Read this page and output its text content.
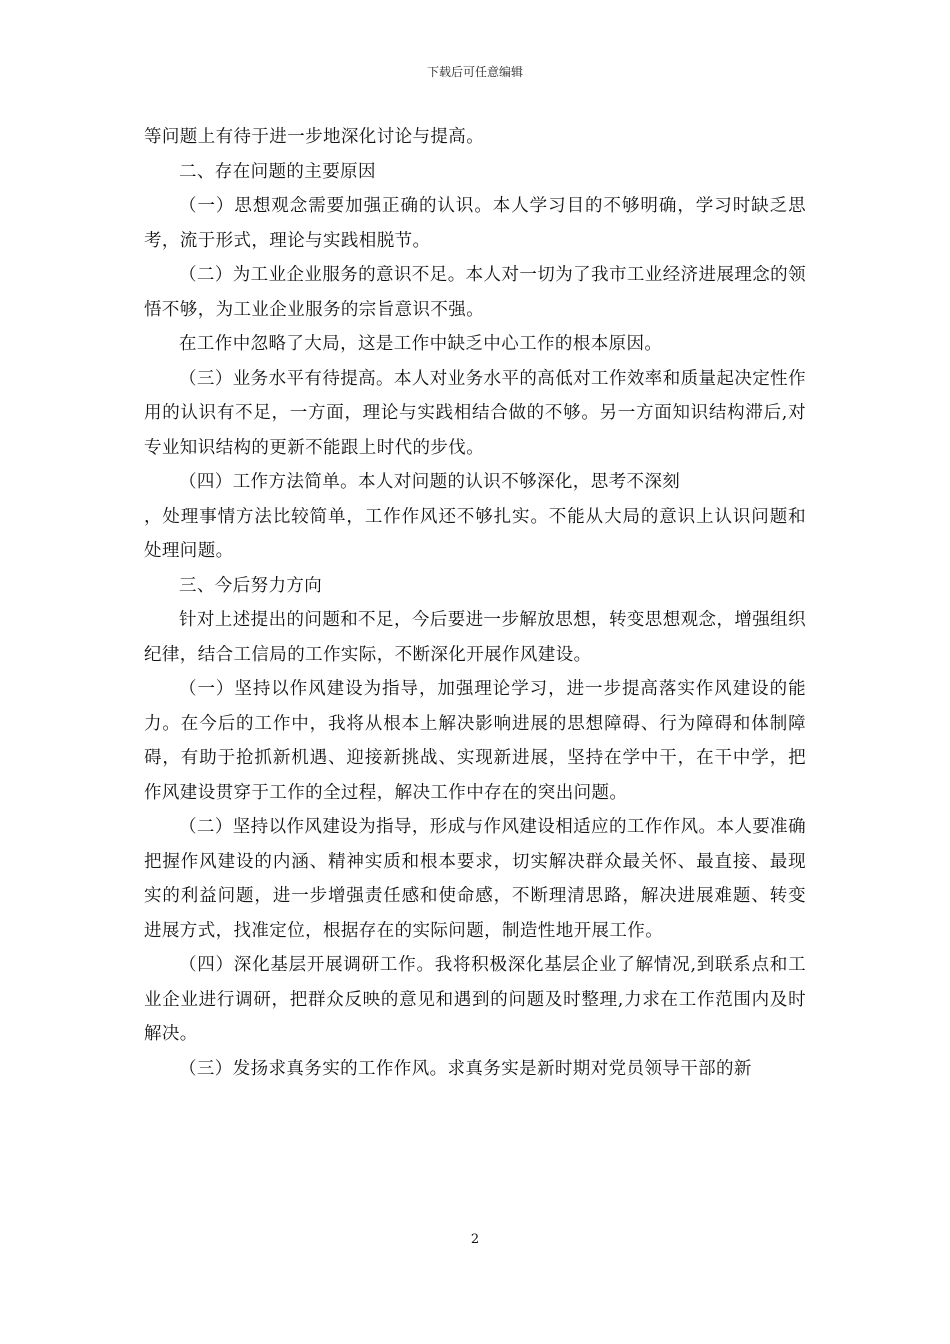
下载后可任意编辑

等问题上有待于进一步地深化讨论与提高。

二、存在问题的主要原因

（一）思想观念需要加强正确的认识。本人学习目的不够明确，学习时缺乏思考，流于形式，理论与实践相脱节。

（二）为工业企业服务的意识不足。本人对一切为了我市工业经济进展理念的领悟不够，为工业企业服务的宗旨意识不强。

在工作中忽略了大局，这是工作中缺乏中心工作的根本原因。

（三）业务水平有待提高。本人对业务水平的高低对工作效率和质量起决定性作用的认识有不足，一方面，理论与实践相结合做的不够。另一方面知识结构滞后,对专业知识结构的更新不能跟上时代的步伐。

（四）工作方法简单。本人对问题的认识不够深化，思考不深刻

，处理事情方法比较简单，工作作风还不够扎实。不能从大局的意识上认识问题和处理问题。

三、今后努力方向

针对上述提出的问题和不足，今后要进一步解放思想，转变思想观念，增强组织纪律，结合工信局的工作实际，不断深化开展作风建设。

（一）坚持以作风建设为指导，加强理论学习，进一步提高落实作风建设的能力。在今后的工作中，我将从根本上解决影响进展的思想障碍、行为障碍和体制障碍，有助于抢抓新机遇、迎接新挑战、实现新进展，坚持在学中干，在干中学，把作风建设贯穿于工作的全过程，解决工作中存在的突出问题。

（二）坚持以作风建设为指导，形成与作风建设相适应的工作作风。本人要准确把握作风建设的内涵、精神实质和根本要求，切实解决群众最关怀、最直接、最现实的利益问题，进一步增强责任感和使命感，不断理清思路，解决进展难题、转变进展方式，找准定位，根据存在的实际问题，制造性地开展工作。

（四）深化基层开展调研工作。我将积极深化基层企业了解情况,到联系点和工业企业进行调研，把群众反映的意见和遇到的问题及时整理,力求在工作范围内及时解决。

（三）发扬求真务实的工作作风。求真务实是新时期对党员领导干部的新

2
